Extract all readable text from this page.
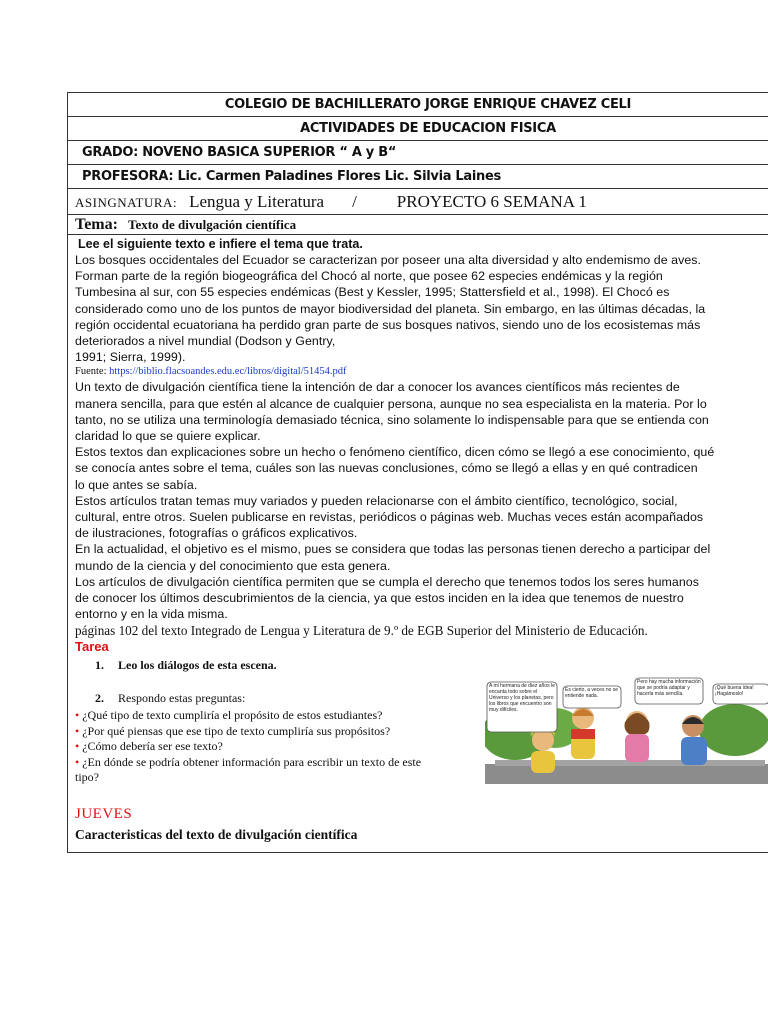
COLEGIO DE BACHILLERATO JORGE ENRIQUE CHAVEZ CELI
ACTIVIDADES DE EDUCACION FISICA
GRADO: NOVENO BASICA SUPERIOR “ A y B“
PROFESORA: Lic. Carmen Paladines Flores Lic. Silvia Laines
ASINGNATURA: Lengua y Literatura / PROYECTO 6 SEMANA 1
Tema: Texto de divulgación científica
Lee el siguiente texto e infiere el tema que trata.

Los bosques occidentales del Ecuador se caracterizan por poseer una alta diversidad y alto endemismo de aves.

Forman parte de la región biogeográfica del Chocó al norte, que posee 62 especies endémicas y la región

Tumbesina al sur, con 55 especies endémicas (Best y Kessler, 1995; Stattersfield et al., 1998). El Chocó es

considerado como uno de los puntos de mayor biodiversidad del planeta. Sin embargo, en las últimas décadas, la

región occidental ecuatoriana ha perdido gran parte de sus bosques nativos, siendo uno de los ecosistemas más

deteriorados a nivel mundial (Dodson y Gentry,

1991; Sierra, 1999).

Fuente: https://biblio.flacsoandes.edu.ec/libros/digital/51454.pdf

Un texto de divulgación científica tiene la intención de dar a conocer los avances científicos más recientes de

manera sencilla, para que estén al alcance de cualquier persona, aunque no sea especialista en la materia. Por lo

tanto, no se utiliza una terminología demasiado técnica, sino solamente lo indispensable para que se entienda con

claridad lo que se quiere explicar.

Estos textos dan explicaciones sobre un hecho o fenómeno científico, dicen cómo se llegó a ese conocimiento, qué

se conocía antes sobre el tema, cuáles son las nuevas conclusiones, cómo se llegó a ellas y en qué contradicen

lo que antes se sabía.

Estos artículos tratan temas muy variados y pueden relacionarse con el ámbito científico, tecnológico, social,

cultural, entre otros. Suelen publicarse en revistas, periódicos o páginas web. Muchas veces están acompañados

de ilustraciones, fotografías o gráficos explicativos.

En la actualidad, el objetivo es el mismo, pues se considera que todas las personas tienen derecho a participar del

mundo de la ciencia y del conocimiento que esta genera.

Los artículos de divulgación científica permiten que se cumpla el derecho que tenemos todos los seres humanos

de conocer los últimos descubrimientos de la ciencia, ya que estos inciden en la idea que tenemos de nuestro

entorno y en la vida misma.

páginas 102 del texto Integrado de Lengua y Literatura de 9.º de EGB Superior del Ministerio de Educación.
Tarea
1. Leo los diálogos de esta escena.
2. Respondo estas preguntas:
• ¿Qué tipo de texto cumpliría el propósito de estos estudiantes?
• ¿Por qué piensas que ese tipo de texto cumpliría sus propósitos?
• ¿Cómo debería ser ese texto?
• ¿En dónde se podría obtener información para escribir un texto de este tipo?
JUEVES
Caracteristicas del texto de divulgación científica
A mi hermana de diez años le encanta todo sobre el Universo y los planetas, pero los libros que encuentro son muy difíciles.
Es cierto, a veces no se entiende nada.
Pero hay mucha información que se podría adaptar y hacerla más sencilla.
¡Qué buena idea! ¡Hagámoslo!
